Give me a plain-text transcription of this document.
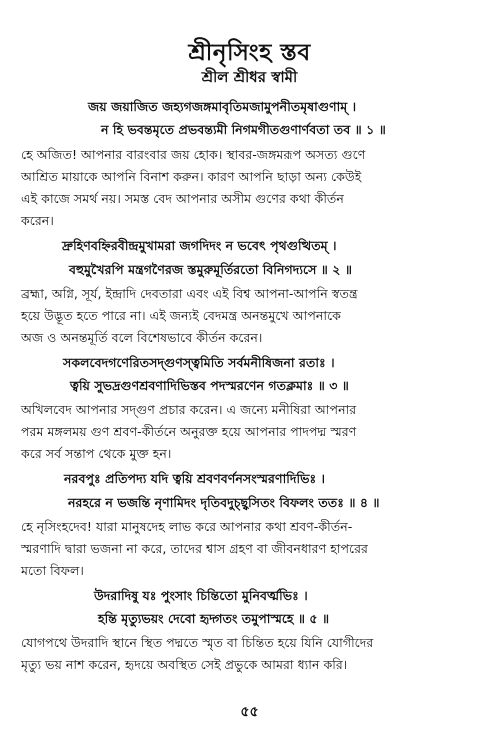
শ্রীনৃসিংহ স্তব
শ্রীল শ্রীধর স্বামী
জয় জয়াজিত জহ্যগজঙ্গমাবৃতিমজামুপনীতমৃষাগুণাম্ ।
ন হি ভবন্তমৃতে প্রভবন্ত্যমী নিগমগীতগুণার্ণবতা তব ॥ ১ ॥
হে অজিত! আপনার বারংবার জয় হোক। স্থাবর-জঙ্গমরূপ অসত্য গুণে
আশ্রিত মায়াকে আপনি বিনাশ করুন। কারণ আপনি ছাড়া অন্য কেউই
এই কাজে সমর্থ নয়। সমস্ত বেদ আপনার অসীম গুণের কথা কীর্তন
করেন।
দ্রুহিণবহ্নিরবীন্দ্রমুখামরা জগদিদং ন ভবেৎ পৃথগুত্থিতম্ ।
বহুমুখৈরপি মন্ত্রগণৈরজ স্তমুরুমূর্তিরতো বিনিগদ্যসে ॥ ২ ॥
ব্রহ্মা, অগ্নি, সূর্য, ইন্দ্রাদি দেবতারা এবং এই বিশ্ব আপনা-আপনি স্বতন্ত্র
হয়ে উদ্ভূত হতে পারে না। এই জন্যই বেদমন্ত্র অনন্তমুখে আপনাকে
অজ ও অনন্তমূর্তি বলে বিশেষভাবে কীর্তন করেন।
সকলবেদগণেরিতসদ্গুণস্ত্বমিতি সর্বমনীষিজনা রতাঃ ।
ত্বয়ি সুভদ্রগুণশ্রবণাদিভিস্তব পদস্মরণেন গতক্লমাঃ ॥ ৩ ॥
অখিলবেদ আপনার সদ্গুণ প্রচার করেন। এ জন্যে মনীষিরা আপনার
পরম মঙ্গলময় গুণ শ্রবণ-কীর্তনে অনুরক্ত হয়ে আপনার পাদপদ্ম স্মরণ
করে সর্ব সন্তাপ থেকে মুক্ত হন।
নরবপুঃ প্রতিপদ্য যদি ত্বয়ি শ্রবণবর্ণনসংস্মরণাদিভিঃ ।
নরহরে ন ভজন্তি নৃণামিদং দৃতিবদুচ্ছ্বসিতং বিফলং ততঃ ॥ ৪ ॥
হে নৃসিংহদেব! যারা মানুষদেহ লাভ করে আপনার কথা শ্রবণ-কীর্তন-
স্মরণাদি দ্বারা ভজনা না করে, তাদের শ্বাস গ্রহণ বা জীবনধারণ হাপরের
মতো বিফল।
উদরাদিষু যঃ পুংসাং চিন্তিতো মুনিবর্ত্মভিঃ ।
হন্তি মৃত্যুভয়ং দেবো হৃদ্গতং তমুপাস্মহে ॥ ৫ ॥
যোগপথে উদরাদি স্থানে স্থিত পদ্মতে স্মৃত বা চিন্তিত হয়ে যিনি যোগীদের
মৃত্যু ভয় নাশ করেন, হৃদয়ে অবস্থিত সেই প্রভুকে আমরা ধ্যান করি।
৫৫
